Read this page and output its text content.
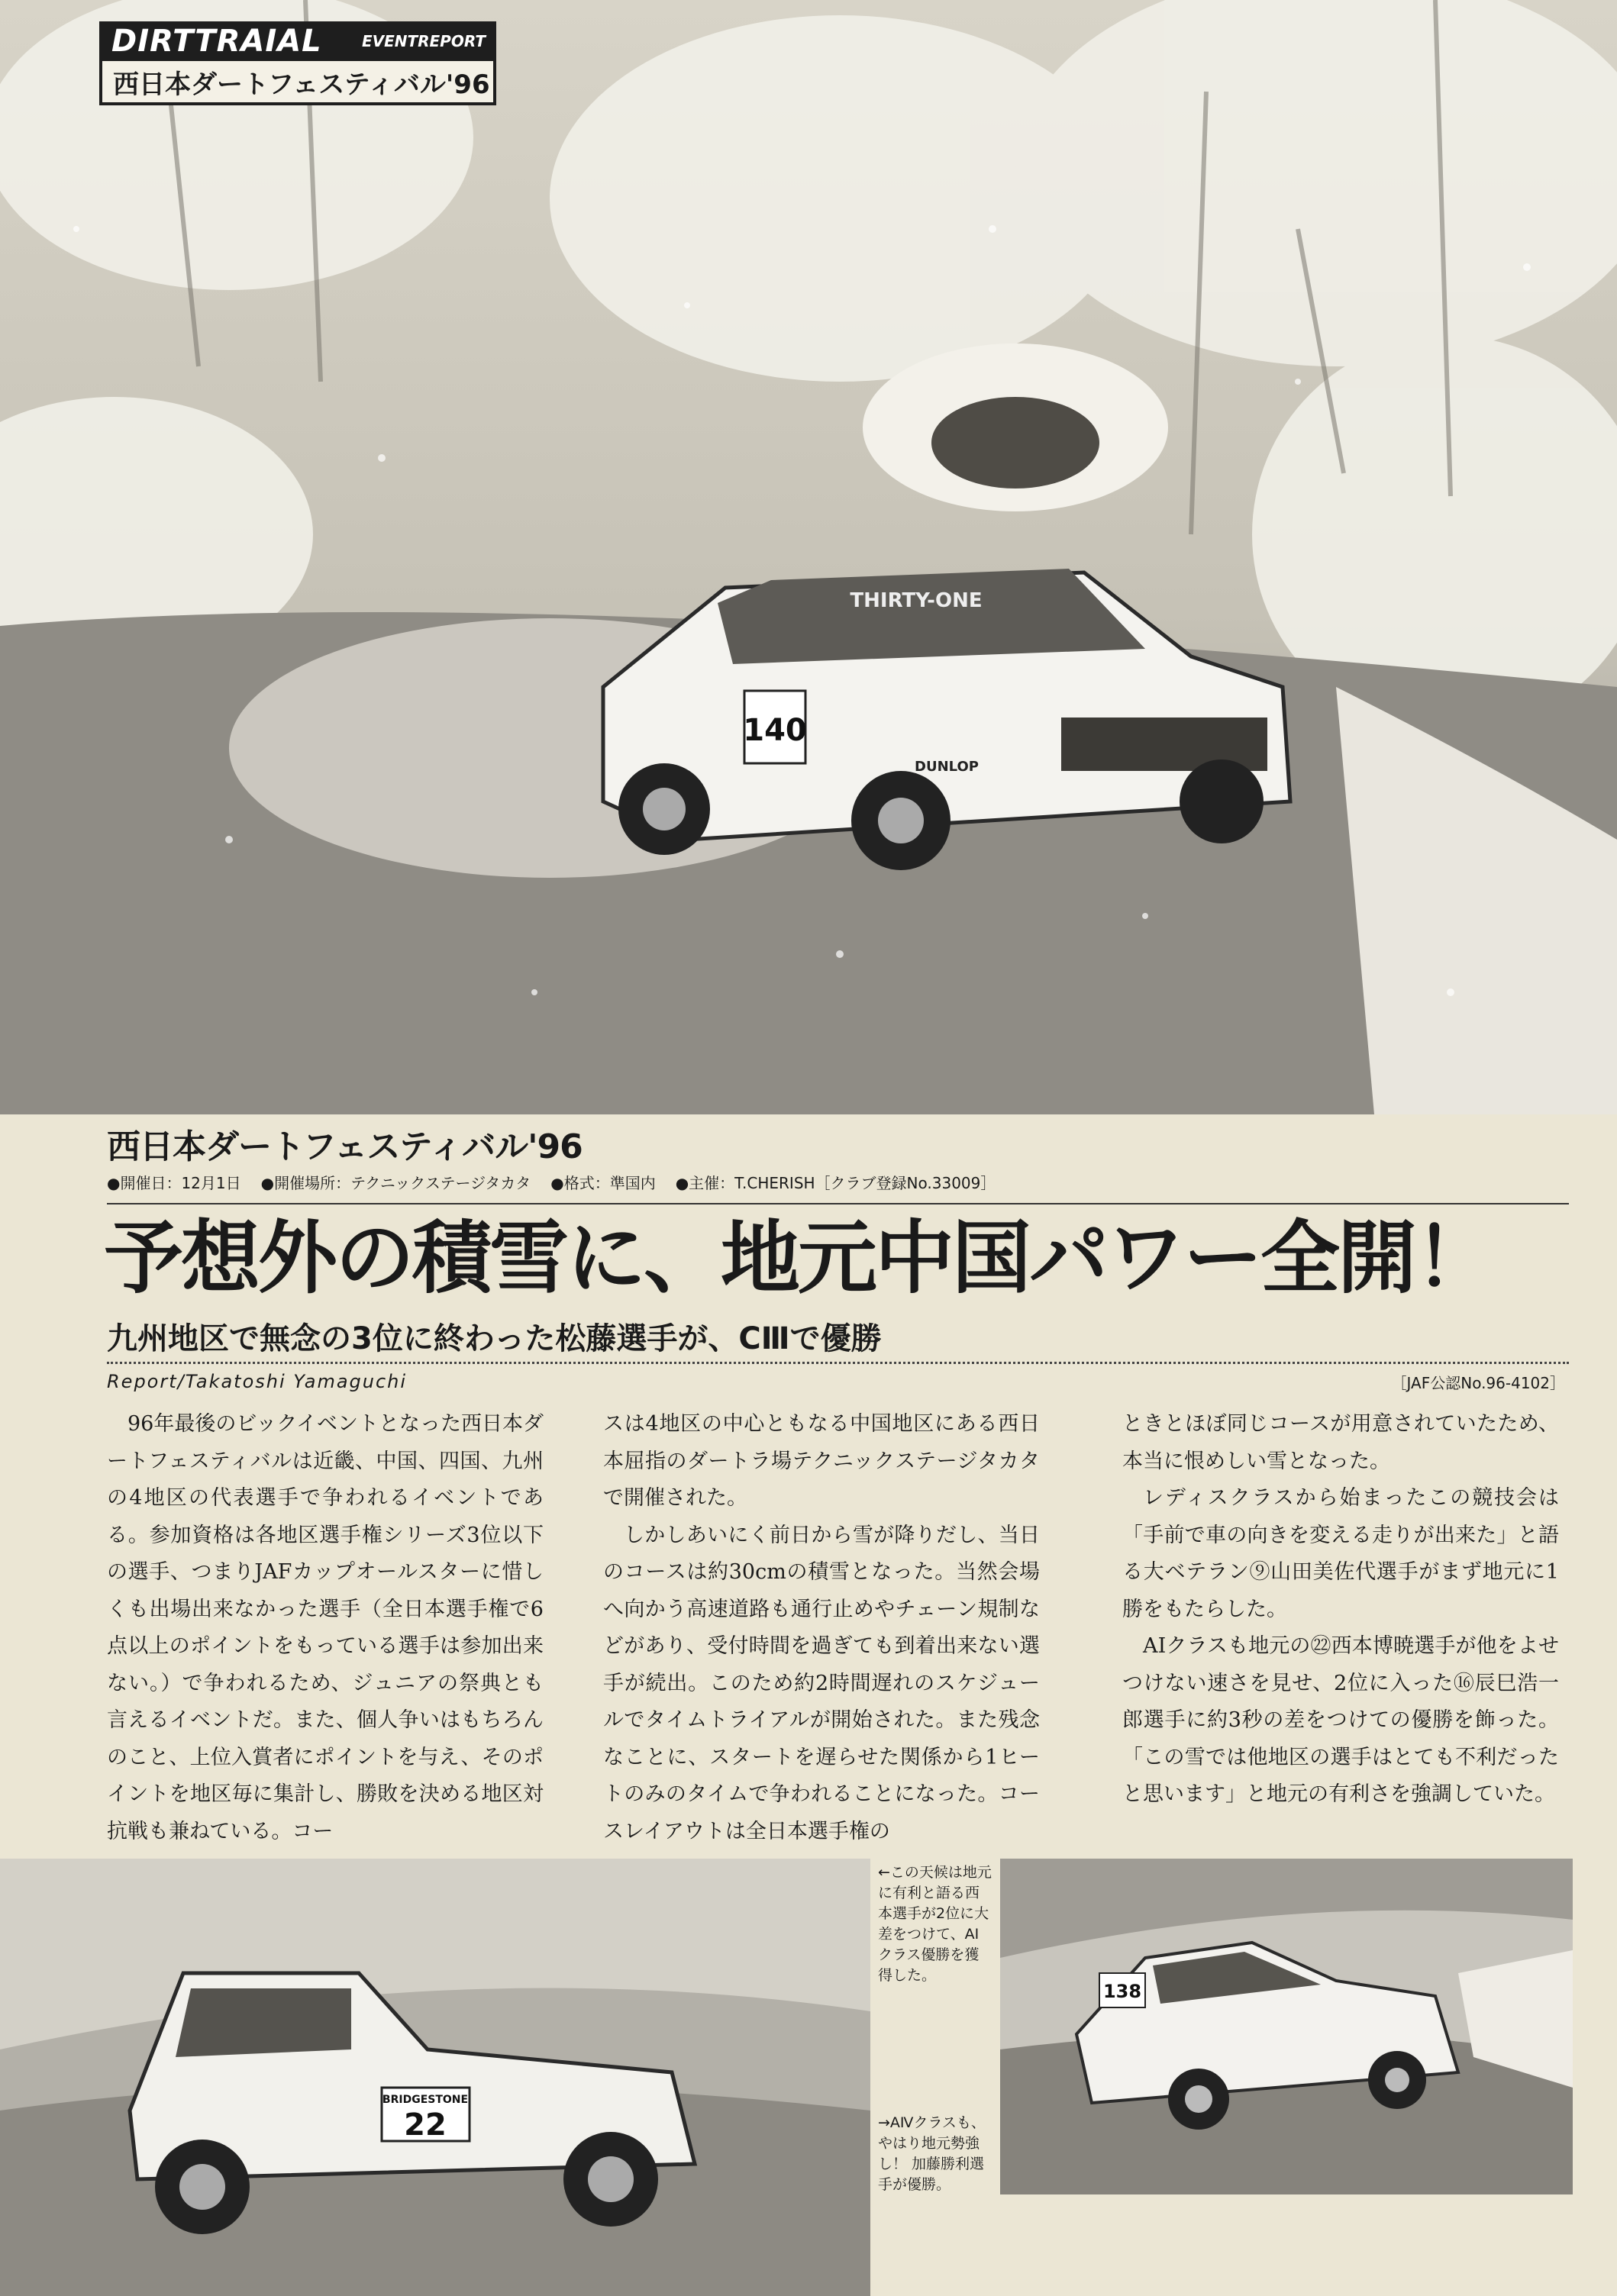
140
THIRTY-ONE
DUNLOP
DIRTTRAIAL	EVENTREPORT
西日本ダートフェスティバル'96
西日本ダートフェスティバル'96
●開催日：12月1日 ●開催場所：テクニックステージタカタ ●格式：準国内 ●主催：T.CHERISH［クラブ登録No.33009］
予想外の積雪に、地元中国パワー全開！
九州地区で無念の3位に終わった松藤選手が、CⅢで優勝
Report/Takatoshi Yamaguchi	［JAF公認No.96-4102］

96年最後のビックイベントとなった西日本ダートフェスティバルは近畿、中国、四国、九州の4地区の代表選手で争われるイベントである。参加資格は各地区選手権シリーズ3位以下の選手、つまりJAFカップオールスターに惜しくも出場出来なかった選手（全日本選手権で6点以上のポイントをもっている選手は参加出来ない。）で争われるため、ジュニアの祭典とも言えるイベントだ。また、個人争いはもちろんのこと、上位入賞者にポイントを与え、そのポイントを地区毎に集計し、勝敗を決める地区対抗戦も兼ねている。コー

スは4地区の中心ともなる中国地区にある西日本屈指のダートラ場テクニックステージタカタで開催された。

しかしあいにく前日から雪が降りだし、当日のコースは約30cmの積雪となった。当然会場へ向かう高速道路も通行止めやチェーン規制などがあり、受付時間を過ぎても到着出来ない選手が続出。このため約2時間遅れのスケジュールでタイムトライアルが開始された。また残念なことに、スタートを遅らせた関係から1ヒートのみのタイムで争われることになった。コースレイアウトは全日本選手権の

ときとほぼ同じコースが用意されていたため、本当に恨めしい雪となった。

レディスクラスから始まったこの競技会は「手前で車の向きを変える走りが出来た」と語る大ベテラン⑨山田美佐代選手がまず地元に1勝をもたらした。

AⅠクラスも地元の㉒西本博暁選手が他をよせつけない速さを見せ、2位に入った⑯辰巳浩一郎選手に約3秒の差をつけての優勝を飾った。「この雪では他地区の選手はとても不利だったと思います」と地元の有利さを強調していた。

BRIDGESTONE
22
←この天候は地元に有利と語る西本選手が2位に大差をつけて、AⅠクラス優勝を獲得した。
→AⅣクラスも、やはり地元勢強し！ 加藤勝利選手が優勝。
138
